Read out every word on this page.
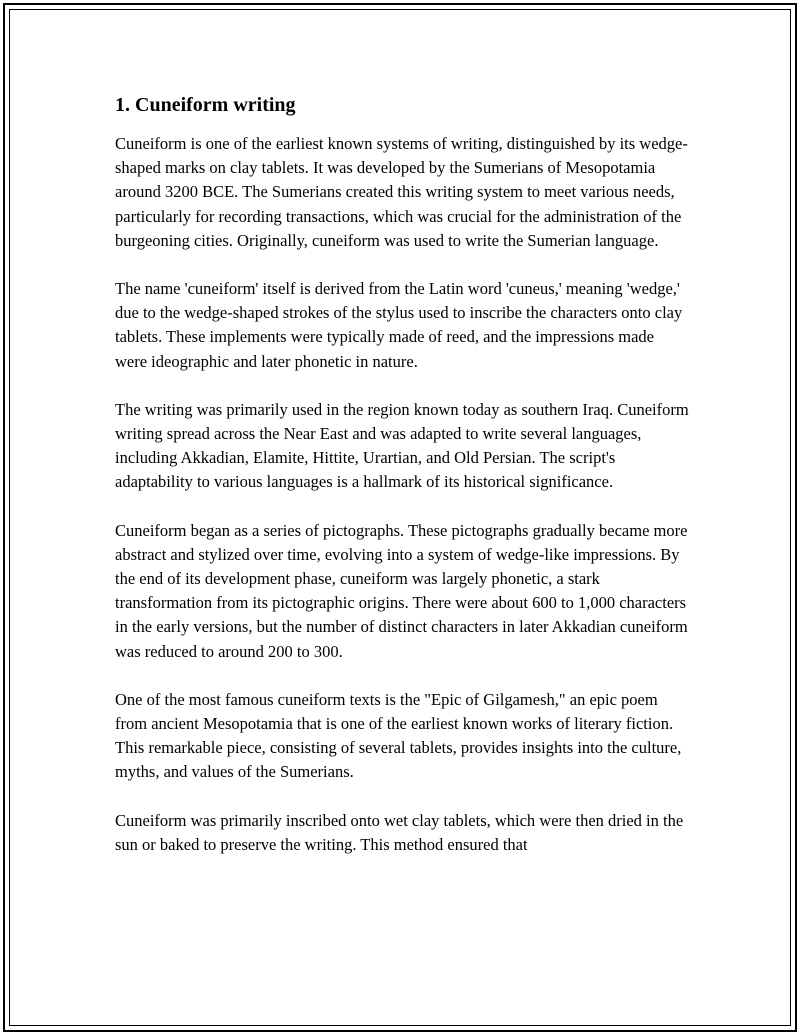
1. Cuneiform writing

Cuneiform is one of the earliest known systems of writing, distinguished by its wedge-shaped marks on clay tablets. It was developed by the Sumerians of Mesopotamia around 3200 BCE. The Sumerians created this writing system to meet various needs, particularly for recording transactions, which was crucial for the administration of the burgeoning cities. Originally, cuneiform was used to write the Sumerian language.

The name 'cuneiform' itself is derived from the Latin word 'cuneus,' meaning 'wedge,' due to the wedge-shaped strokes of the stylus used to inscribe the characters onto clay tablets. These implements were typically made of reed, and the impressions made were ideographic and later phonetic in nature.

The writing was primarily used in the region known today as southern Iraq. Cuneiform writing spread across the Near East and was adapted to write several languages, including Akkadian, Elamite, Hittite, Urartian, and Old Persian. The script's adaptability to various languages is a hallmark of its historical significance.

Cuneiform began as a series of pictographs. These pictographs gradually became more abstract and stylized over time, evolving into a system of wedge-like impressions. By the end of its development phase, cuneiform was largely phonetic, a stark transformation from its pictographic origins. There were about 600 to 1,000 characters in the early versions, but the number of distinct characters in later Akkadian cuneiform was reduced to around 200 to 300.

One of the most famous cuneiform texts is the "Epic of Gilgamesh," an epic poem from ancient Mesopotamia that is one of the earliest known works of literary fiction. This remarkable piece, consisting of several tablets, provides insights into the culture, myths, and values of the Sumerians.

Cuneiform was primarily inscribed onto wet clay tablets, which were then dried in the sun or baked to preserve the writing. This method ensured that
